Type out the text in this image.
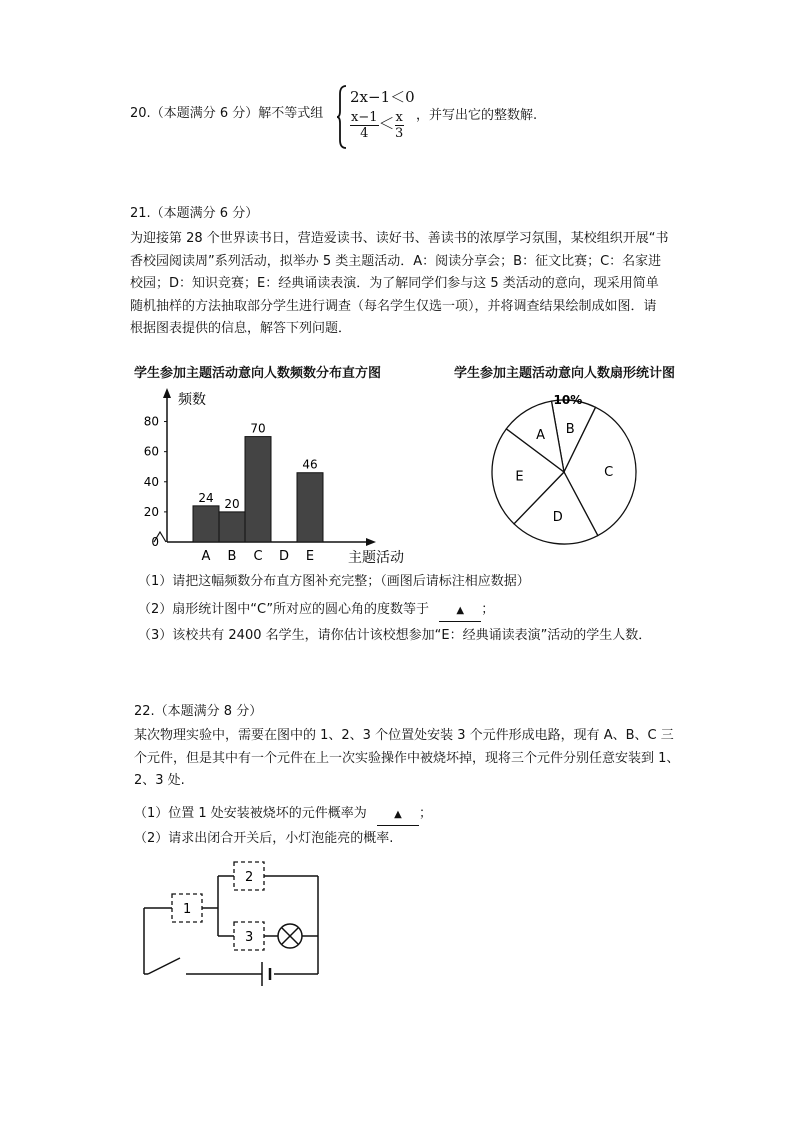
20.（本题满分 6 分）解不等式组
2x−1＜0
$\frac{x-1}{4} < \frac{x}{3}$ ，并写出它的整数解.
21.（本题满分 6 分）
为迎接第 28 个世界读书日，营造爱读书、读好书、善读书的浓厚学习氛围，某校组织开展“书
香校园阅读周”系列活动，拟举办 5 类主题活动．A：阅读分享会；B：征文比赛；C：名家进
校园；D：知识竞赛；E：经典诵读表演．为了解同学们参与这 5 类活动的意向，现采用简单
随机抽样的方法抽取部分学生进行调查（每名学生仅选一项），并将调查结果绘制成如图．请
根据图表提供的信息，解答下列问题．
学生参加主题活动意向人数频数分布直方图	学生参加主题活动意向人数扇形统计图
频数
主题活动
0
20
40
60
80
24
A
20
B
70
C D
46
E
B
10%
C
D
E
A
（1）请把这幅频数分布直方图补充完整；（画图后请标注相应数据）
（2）扇形统计图中“C”所对应的圆心角的度数等于	▲ ；
（3）该校共有 2400 名学生，请你估计该校想参加“E：经典诵读表演”活动的学生人数．
22.（本题满分 8 分）
某次物理实验中，需要在图中的 1、2、3 个位置处安装 3 个元件形成电路，现有 A、B、C 三
个元件，但是其中有一个元件在上一次实验操作中被烧坏掉，现将三个元件分别任意安装到 1、
2、3 处.
（1）位置 1 处安装被烧坏的元件概率为	▲ ；
（2）请求出闭合开关后，小灯泡能亮的概率.
1
2
3
